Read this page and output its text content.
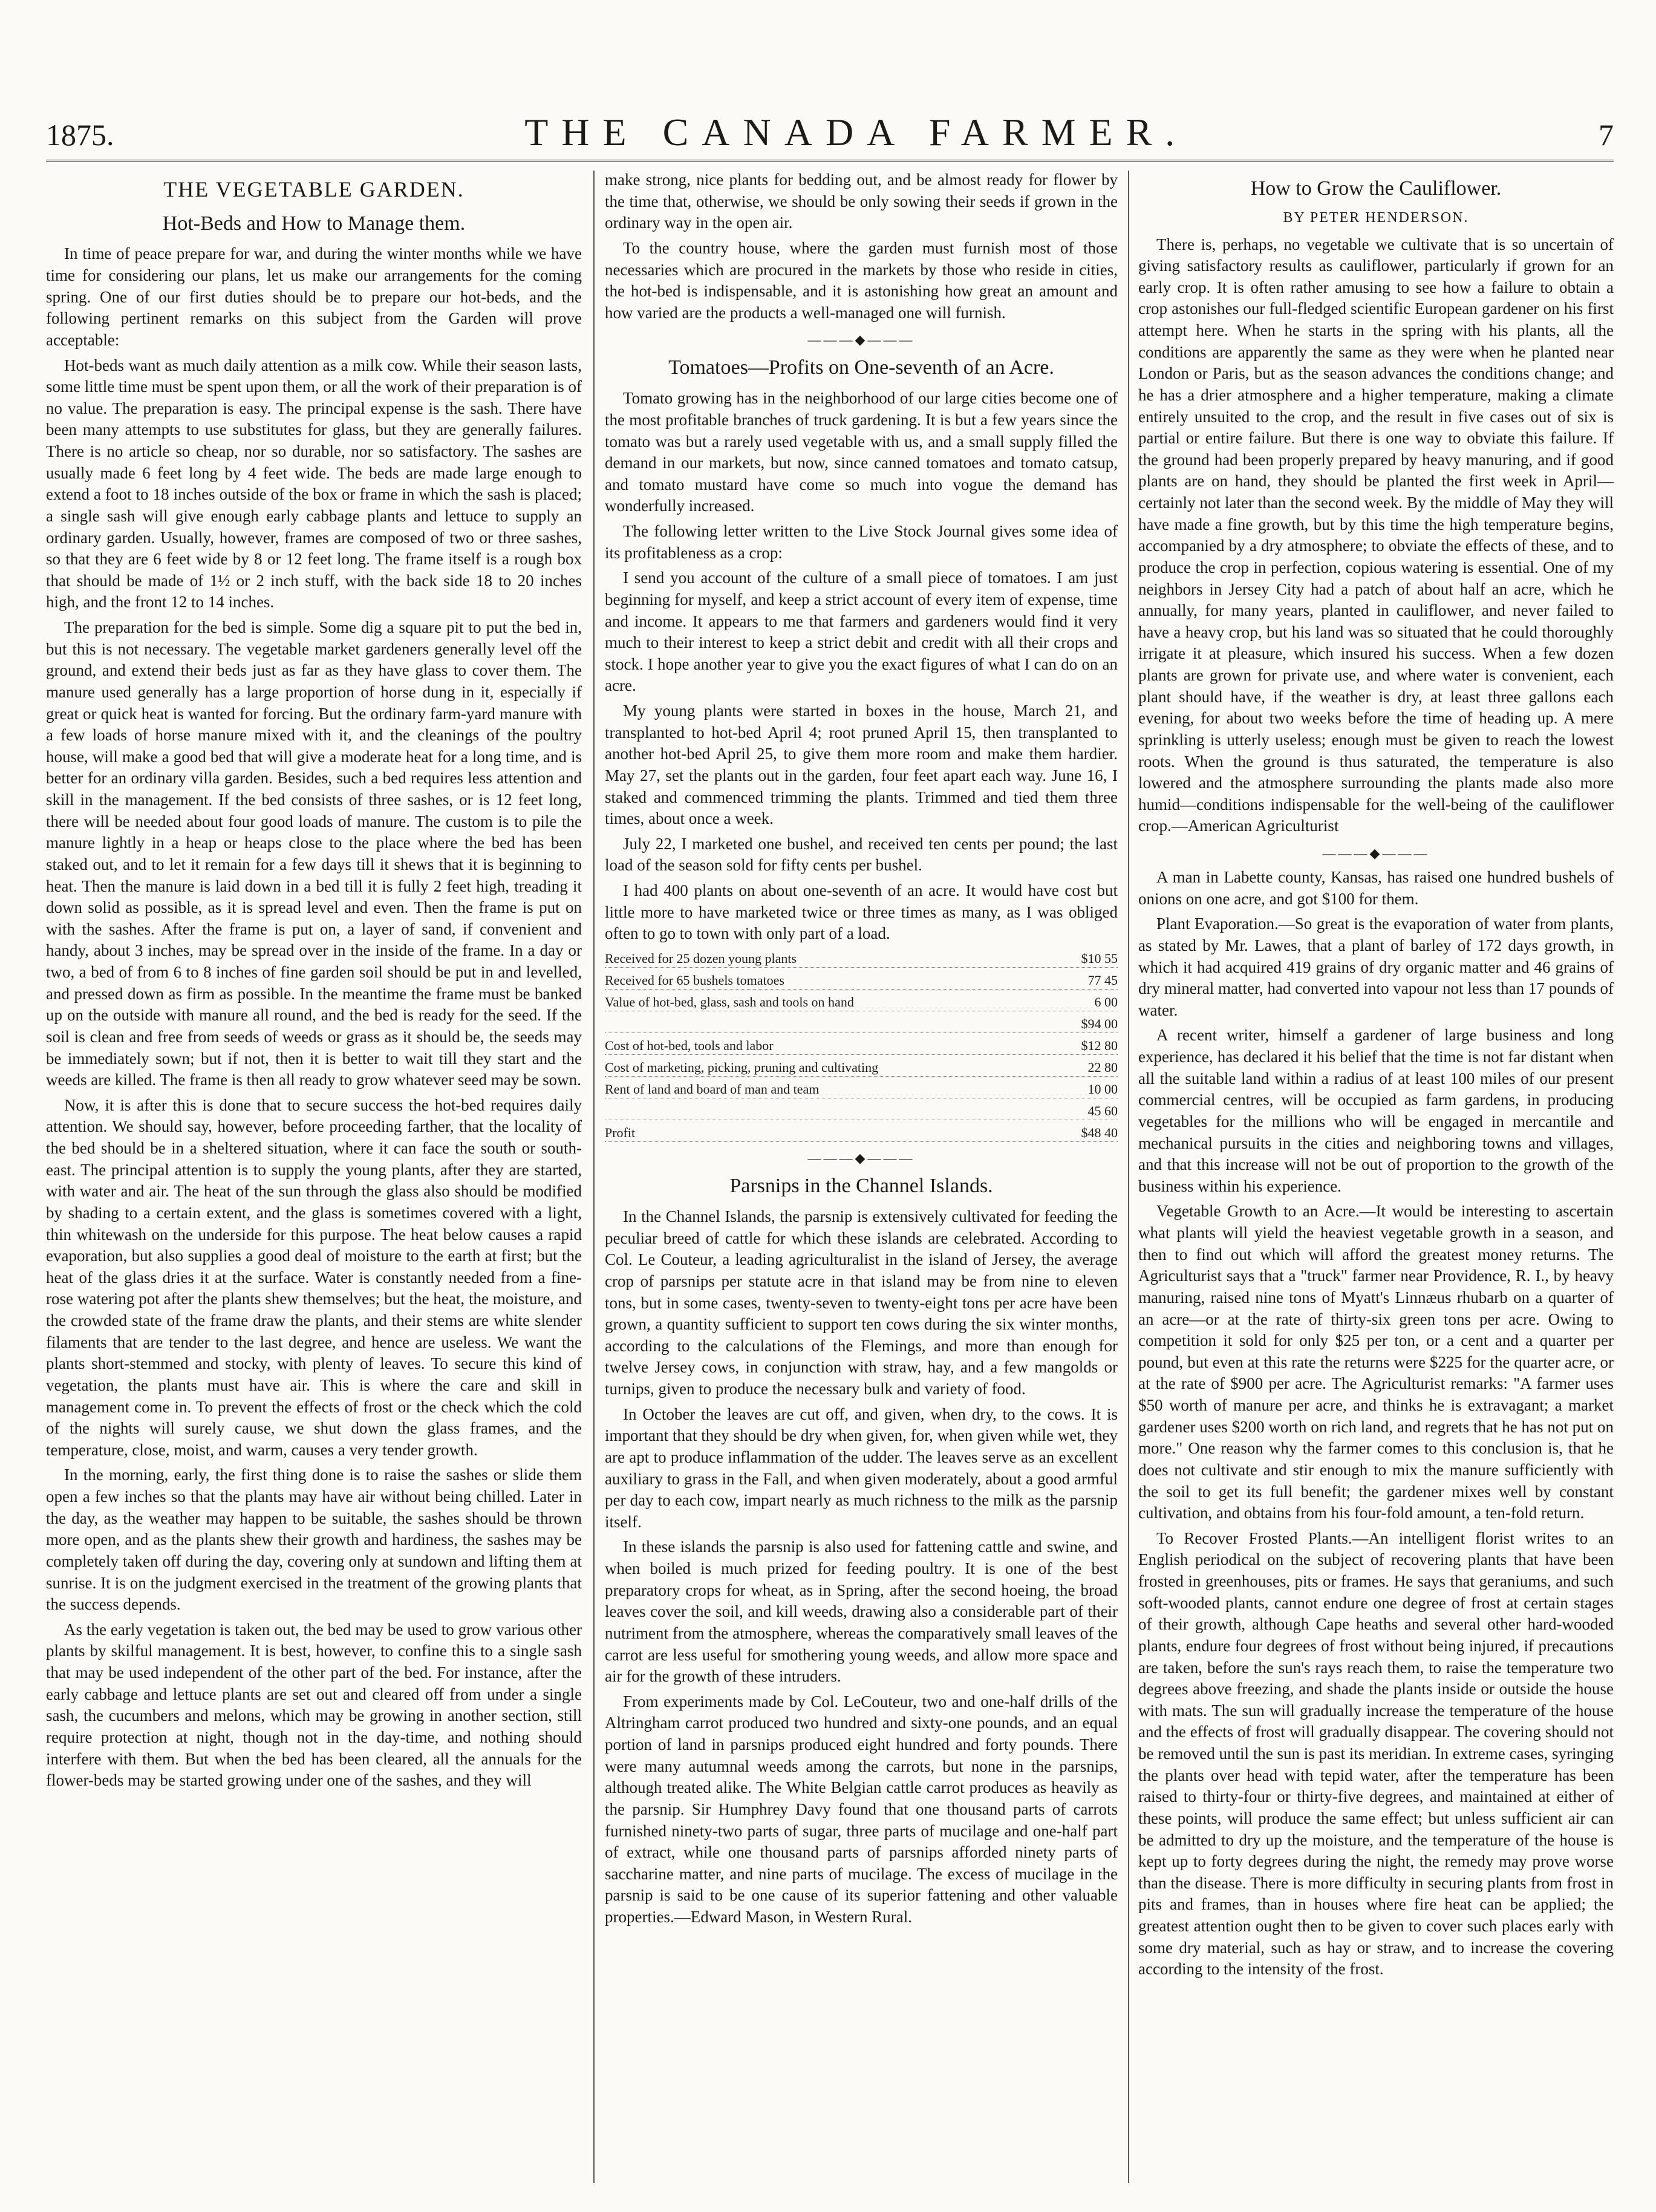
1875.	THE CANADA FARMER.	7
THE VEGETABLE GARDEN.
Hot-Beds and How to Manage them.

In time of peace prepare for war, and during the winter months while we have time for considering our plans, let us make our arrangements for the coming spring. One of our first duties should be to prepare our hot-beds, and the following pertinent remarks on this subject from the Garden will prove acceptable:

Hot-beds want as much daily attention as a milk cow. While their season lasts, some little time must be spent upon them, or all the work of their preparation is of no value. The preparation is easy. The principal expense is the sash. There have been many attempts to use substitutes for glass, but they are generally failures. There is no article so cheap, nor so durable, nor so satisfactory. The sashes are usually made 6 feet long by 4 feet wide. The beds are made large enough to extend a foot to 18 inches outside of the box or frame in which the sash is placed; a single sash will give enough early cabbage plants and lettuce to supply an ordinary garden. Usually, however, frames are composed of two or three sashes, so that they are 6 feet wide by 8 or 12 feet long. The frame itself is a rough box that should be made of 1½ or 2 inch stuff, with the back side 18 to 20 inches high, and the front 12 to 14 inches.

The preparation for the bed is simple. Some dig a square pit to put the bed in, but this is not necessary. The vegetable market gardeners generally level off the ground, and extend their beds just as far as they have glass to cover them. The manure used generally has a large proportion of horse dung in it, especially if great or quick heat is wanted for forcing. But the ordinary farm-yard manure with a few loads of horse manure mixed with it, and the cleanings of the poultry house, will make a good bed that will give a moderate heat for a long time, and is better for an ordinary villa garden. Besides, such a bed requires less attention and skill in the management. If the bed consists of three sashes, or is 12 feet long, there will be needed about four good loads of manure. The custom is to pile the manure lightly in a heap or heaps close to the place where the bed has been staked out, and to let it remain for a few days till it shews that it is beginning to heat. Then the manure is laid down in a bed till it is fully 2 feet high, treading it down solid as possible, as it is spread level and even. Then the frame is put on with the sashes. After the frame is put on, a layer of sand, if convenient and handy, about 3 inches, may be spread over in the inside of the frame. In a day or two, a bed of from 6 to 8 inches of fine garden soil should be put in and levelled, and pressed down as firm as possible. In the meantime the frame must be banked up on the outside with manure all round, and the bed is ready for the seed. If the soil is clean and free from seeds of weeds or grass as it should be, the seeds may be immediately sown; but if not, then it is better to wait till they start and the weeds are killed. The frame is then all ready to grow whatever seed may be sown.

Now, it is after this is done that to secure success the hot-bed requires daily attention. We should say, however, before proceeding farther, that the locality of the bed should be in a sheltered situation, where it can face the south or south-east. The principal attention is to supply the young plants, after they are started, with water and air. The heat of the sun through the glass also should be modified by shading to a certain extent, and the glass is sometimes covered with a light, thin whitewash on the underside for this purpose. The heat below causes a rapid evaporation, but also supplies a good deal of moisture to the earth at first; but the heat of the glass dries it at the surface. Water is constantly needed from a fine-rose watering pot after the plants shew themselves; but the heat, the moisture, and the crowded state of the frame draw the plants, and their stems are white slender filaments that are tender to the last degree, and hence are useless. We want the plants short-stemmed and stocky, with plenty of leaves. To secure this kind of vegetation, the plants must have air. This is where the care and skill in management come in. To prevent the effects of frost or the check which the cold of the nights will surely cause, we shut down the glass frames, and the temperature, close, moist, and warm, causes a very tender growth.

In the morning, early, the first thing done is to raise the sashes or slide them open a few inches so that the plants may have air without being chilled. Later in the day, as the weather may happen to be suitable, the sashes should be thrown more open, and as the plants shew their growth and hardiness, the sashes may be completely taken off during the day, covering only at sundown and lifting them at sunrise. It is on the judgment exercised in the treatment of the growing plants that the success depends.

As the early vegetation is taken out, the bed may be used to grow various other plants by skilful management. It is best, however, to confine this to a single sash that may be used independent of the other part of the bed. For instance, after the early cabbage and lettuce plants are set out and cleared off from under a single sash, the cucumbers and melons, which may be growing in another section, still require protection at night, though not in the day-time, and nothing should interfere with them. But when the bed has been cleared, all the annuals for the flower-beds may be started growing under one of the sashes, and they will

make strong, nice plants for bedding out, and be almost ready for flower by the time that, otherwise, we should be only sowing their seeds if grown in the ordinary way in the open air.

To the country house, where the garden must furnish most of those necessaries which are procured in the markets by those who reside in cities, the hot-bed is indispensable, and it is astonishing how great an amount and how varied are the products a well-managed one will furnish.

———◆———
Tomatoes—Profits on One-seventh of an Acre.

Tomato growing has in the neighborhood of our large cities become one of the most profitable branches of truck gardening. It is but a few years since the tomato was but a rarely used vegetable with us, and a small supply filled the demand in our markets, but now, since canned tomatoes and tomato catsup, and tomato mustard have come so much into vogue the demand has wonderfully increased.

The following letter written to the Live Stock Journal gives some idea of its profitableness as a crop:

I send you account of the culture of a small piece of tomatoes. I am just beginning for myself, and keep a strict account of every item of expense, time and income. It appears to me that farmers and gardeners would find it very much to their interest to keep a strict debit and credit with all their crops and stock. I hope another year to give you the exact figures of what I can do on an acre.

My young plants were started in boxes in the house, March 21, and transplanted to hot-bed April 4; root pruned April 15, then transplanted to another hot-bed April 25, to give them more room and make them hardier. May 27, set the plants out in the garden, four feet apart each way. June 16, I staked and commenced trimming the plants. Trimmed and tied them three times, about once a week.

July 22, I marketed one bushel, and received ten cents per pound; the last load of the season sold for fifty cents per bushel.

I had 400 plants on about one-seventh of an acre. It would have cost but little more to have marketed twice or three times as many, as I was obliged often to go to town with only part of a load.

Received for 25 dozen young plants	$10 55
Received for 65 bushels tomatoes	77 45
Value of hot-bed, glass, sash and tools on hand	6 00
$94 00
Cost of hot-bed, tools and labor	$12 80
Cost of marketing, picking, pruning and cultivating	22 80
Rent of land and board of man and team	10 00
45 60
Profit	$48 40
———◆———
Parsnips in the Channel Islands.

In the Channel Islands, the parsnip is extensively cultivated for feeding the peculiar breed of cattle for which these islands are celebrated. According to Col. Le Couteur, a leading agriculturalist in the island of Jersey, the average crop of parsnips per statute acre in that island may be from nine to eleven tons, but in some cases, twenty-seven to twenty-eight tons per acre have been grown, a quantity sufficient to support ten cows during the six winter months, according to the calculations of the Flemings, and more than enough for twelve Jersey cows, in conjunction with straw, hay, and a few mangolds or turnips, given to produce the necessary bulk and variety of food.

In October the leaves are cut off, and given, when dry, to the cows. It is important that they should be dry when given, for, when given while wet, they are apt to produce inflammation of the udder. The leaves serve as an excellent auxiliary to grass in the Fall, and when given moderately, about a good armful per day to each cow, impart nearly as much richness to the milk as the parsnip itself.

In these islands the parsnip is also used for fattening cattle and swine, and when boiled is much prized for feeding poultry. It is one of the best preparatory crops for wheat, as in Spring, after the second hoeing, the broad leaves cover the soil, and kill weeds, drawing also a considerable part of their nutriment from the atmosphere, whereas the comparatively small leaves of the carrot are less useful for smothering young weeds, and allow more space and air for the growth of these intruders.

From experiments made by Col. LeCouteur, two and one-half drills of the Altringham carrot produced two hundred and sixty-one pounds, and an equal portion of land in parsnips produced eight hundred and forty pounds. There were many autumnal weeds among the carrots, but none in the parsnips, although treated alike. The White Belgian cattle carrot produces as heavily as the parsnip. Sir Humphrey Davy found that one thousand parts of carrots furnished ninety-two parts of sugar, three parts of mucilage and one-half part of extract, while one thousand parts of parsnips afforded ninety parts of saccharine matter, and nine parts of mucilage. The excess of mucilage in the parsnip is said to be one cause of its superior fattening and other valuable properties.—Edward Mason, in Western Rural.

How to Grow the Cauliflower.
BY PETER HENDERSON.

There is, perhaps, no vegetable we cultivate that is so uncertain of giving satisfactory results as cauliflower, particularly if grown for an early crop. It is often rather amusing to see how a failure to obtain a crop astonishes our full-fledged scientific European gardener on his first attempt here. When he starts in the spring with his plants, all the conditions are apparently the same as they were when he planted near London or Paris, but as the season advances the conditions change; and he has a drier atmosphere and a higher temperature, making a climate entirely unsuited to the crop, and the result in five cases out of six is partial or entire failure. But there is one way to obviate this failure. If the ground had been properly prepared by heavy manuring, and if good plants are on hand, they should be planted the first week in April—certainly not later than the second week. By the middle of May they will have made a fine growth, but by this time the high temperature begins, accompanied by a dry atmosphere; to obviate the effects of these, and to produce the crop in perfection, copious watering is essential. One of my neighbors in Jersey City had a patch of about half an acre, which he annually, for many years, planted in cauliflower, and never failed to have a heavy crop, but his land was so situated that he could thoroughly irrigate it at pleasure, which insured his success. When a few dozen plants are grown for private use, and where water is convenient, each plant should have, if the weather is dry, at least three gallons each evening, for about two weeks before the time of heading up. A mere sprinkling is utterly useless; enough must be given to reach the lowest roots. When the ground is thus saturated, the temperature is also lowered and the atmosphere surrounding the plants made also more humid—conditions indispensable for the well-being of the cauliflower crop.—American Agriculturist

———◆———

A man in Labette county, Kansas, has raised one hundred bushels of onions on one acre, and got $100 for them.

Plant Evaporation.—So great is the evaporation of water from plants, as stated by Mr. Lawes, that a plant of barley of 172 days growth, in which it had acquired 419 grains of dry organic matter and 46 grains of dry mineral matter, had converted into vapour not less than 17 pounds of water.

A recent writer, himself a gardener of large business and long experience, has declared it his belief that the time is not far distant when all the suitable land within a radius of at least 100 miles of our present commercial centres, will be occupied as farm gardens, in producing vegetables for the millions who will be engaged in mercantile and mechanical pursuits in the cities and neighboring towns and villages, and that this increase will not be out of proportion to the growth of the business within his experience.

Vegetable Growth to an Acre.—It would be interesting to ascertain what plants will yield the heaviest vegetable growth in a season, and then to find out which will afford the greatest money returns. The Agriculturist says that a "truck" farmer near Providence, R. I., by heavy manuring, raised nine tons of Myatt's Linnæus rhubarb on a quarter of an acre—or at the rate of thirty-six green tons per acre. Owing to competition it sold for only $25 per ton, or a cent and a quarter per pound, but even at this rate the returns were $225 for the quarter acre, or at the rate of $900 per acre. The Agriculturist remarks: "A farmer uses $50 worth of manure per acre, and thinks he is extravagant; a market gardener uses $200 worth on rich land, and regrets that he has not put on more." One reason why the farmer comes to this conclusion is, that he does not cultivate and stir enough to mix the manure sufficiently with the soil to get its full benefit; the gardener mixes well by constant cultivation, and obtains from his four-fold amount, a ten-fold return.

To Recover Frosted Plants.—An intelligent florist writes to an English periodical on the subject of recovering plants that have been frosted in greenhouses, pits or frames. He says that geraniums, and such soft-wooded plants, cannot endure one degree of frost at certain stages of their growth, although Cape heaths and several other hard-wooded plants, endure four degrees of frost without being injured, if precautions are taken, before the sun's rays reach them, to raise the temperature two degrees above freezing, and shade the plants inside or outside the house with mats. The sun will gradually increase the temperature of the house and the effects of frost will gradually disappear. The covering should not be removed until the sun is past its meridian. In extreme cases, syringing the plants over head with tepid water, after the temperature has been raised to thirty-four or thirty-five degrees, and maintained at either of these points, will produce the same effect; but unless sufficient air can be admitted to dry up the moisture, and the temperature of the house is kept up to forty degrees during the night, the remedy may prove worse than the disease. There is more difficulty in securing plants from frost in pits and frames, than in houses where fire heat can be applied; the greatest attention ought then to be given to cover such places early with some dry material, such as hay or straw, and to increase the covering according to the intensity of the frost.
